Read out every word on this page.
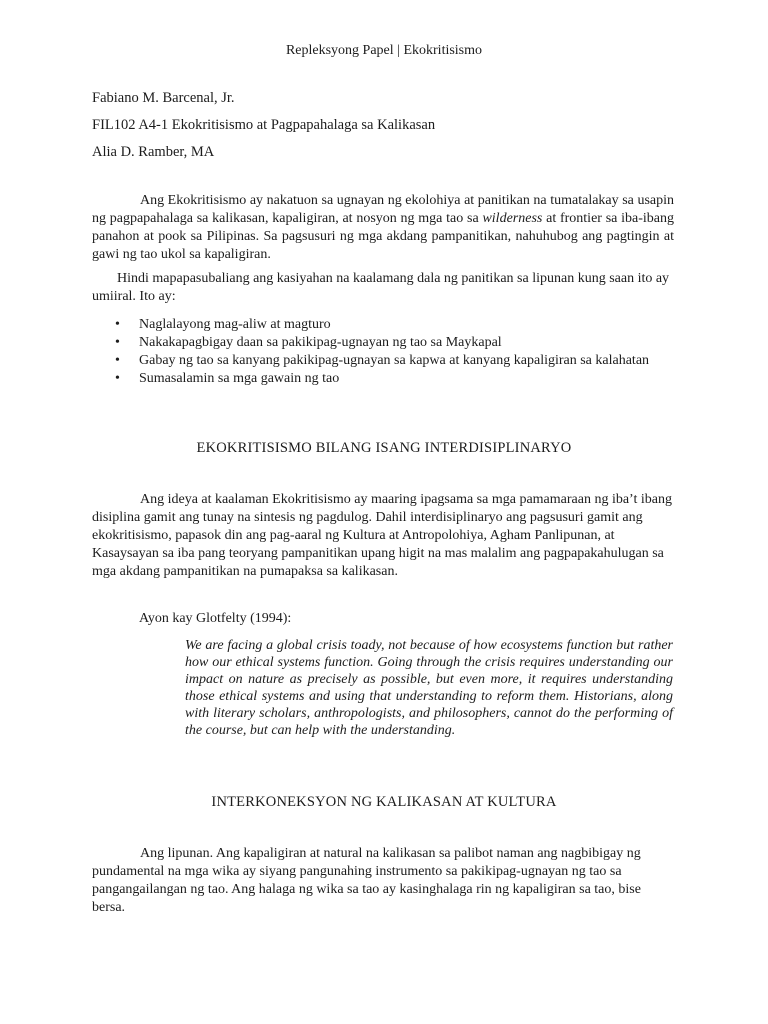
Repleksyong Papel | Ekokritisismo
Fabiano M. Barcenal, Jr.
FIL102 A4-1 Ekokritisismo at Pagpapahalaga sa Kalikasan
Alia D. Ramber, MA

Ang Ekokritisismo ay nakatuon sa ugnayan ng ekolohiya at panitikan na tumatalakay sa usapin ng pagpapahalaga sa kalikasan, kapaligiran, at nosyon ng mga tao sa wilderness at frontier sa iba-ibang panahon at pook sa Pilipinas. Sa pagsusuri ng mga akdang pampanitikan, nahuhubog ang pagtingin at gawi ng tao ukol sa kapaligiran.

Hindi mapapasubaliang ang kasiyahan na kaalamang dala ng panitikan sa lipunan kung saan ito ay umiiral. Ito ay:

• Naglalayong mag-aliw at magturo
• Nakakapagbigay daan sa pakikipag-ugnayan ng tao sa Maykapal
• Gabay ng tao sa kanyang pakikipag-ugnayan sa kapwa at kanyang kapaligiran sa kalahatan
• Sumasalamin sa mga gawain ng tao
EKOKRITISISMO BILANG ISANG INTERDISIPLINARYO

Ang ideya at kaalaman Ekokritisismo ay maaring ipagsama sa mga pamamaraan ng iba’t ibang disiplina gamit ang tunay na sintesis ng pagdulog. Dahil interdisiplinaryo ang pagsusuri gamit ang ekokritisismo, papasok din ang pag-aaral ng Kultura at Antropolohiya, Agham Panlipunan, at Kasaysayan sa iba pang teoryang pampanitikan upang higit na mas malalim ang pagpapakahulugan sa mga akdang pampanitikan na pumapaksa sa kalikasan.

Ayon kay Glotfelty (1994):

We are facing a global crisis toady, not because of how ecosystems function but rather how our ethical systems function. Going through the crisis requires understanding our impact on nature as precisely as possible, but even more, it requires understanding those ethical systems and using that understanding to reform them. Historians, along with literary scholars, anthropologists, and philosophers, cannot do the performing of the course, but can help with the understanding.

INTERKONEKSYON NG KALIKASAN AT KULTURA

Ang lipunan. Ang kapaligiran at natural na kalikasan sa palibot naman ang nagbibigay ng pundamental na mga wika ay siyang pangunahing instrumento sa pakikipag-ugnayan ng tao sa pangangailangan ng tao. Ang halaga ng wika sa tao ay kasinghalaga rin ng kapaligiran sa tao, bise bersa.
